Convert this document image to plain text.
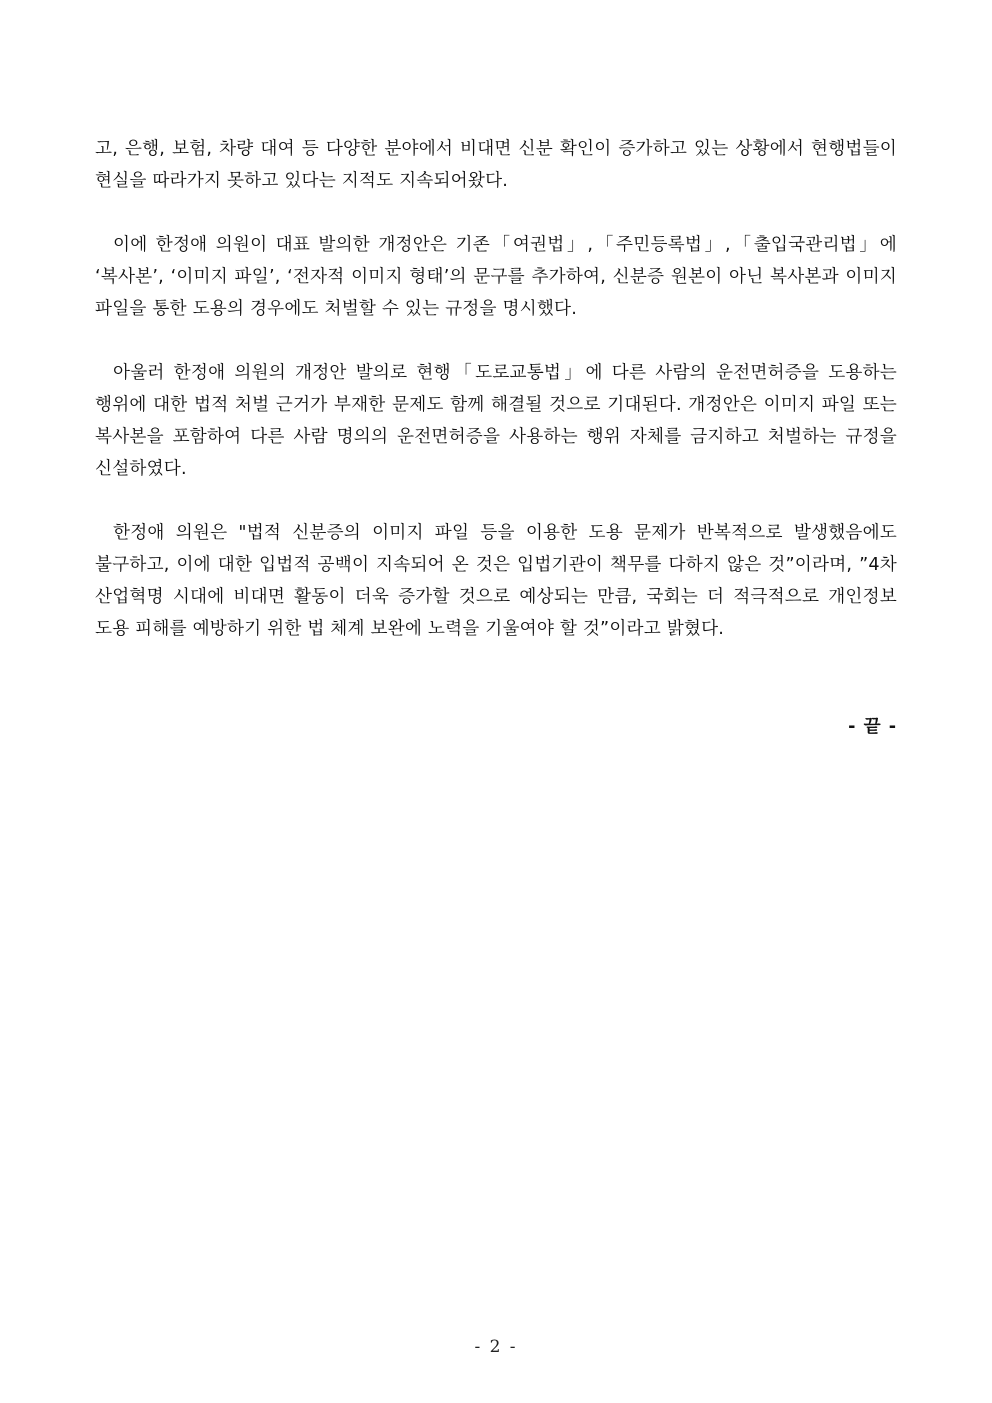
고, 은행, 보험, 차량 대여 등 다양한 분야에서 비대면 신분 확인이 증가하고 있는 상황에서 현행법들이 현실을 따라가지 못하고 있다는 지적도 지속되어왔다.

이에 한정애 의원이 대표 발의한 개정안은 기존「여권법」,「주민등록법」,「출입국관리법」에 ‘복사본’, ‘이미지 파일’, ‘전자적 이미지 형태’의 문구를 추가하여, 신분증 원본이 아닌 복사본과 이미지 파일을 통한 도용의 경우에도 처벌할 수 있는 규정을 명시했다.

아울러 한정애 의원의 개정안 발의로 현행「도로교통법」에 다른 사람의 운전면허증을 도용하는 행위에 대한 법적 처벌 근거가 부재한 문제도 함께 해결될 것으로 기대된다. 개정안은 이미지 파일 또는 복사본을 포함하여 다른 사람 명의의 운전면허증을 사용하는 행위 자체를 금지하고 처벌하는 규정을 신설하였다.

한정애 의원은 "법적 신분증의 이미지 파일 등을 이용한 도용 문제가 반복적으로 발생했음에도 불구하고, 이에 대한 입법적 공백이 지속되어 온 것은 입법기관이 책무를 다하지 않은 것”이라며, ”4차 산업혁명 시대에 비대면 활동이 더욱 증가할 것으로 예상되는 만큼, 국회는 더 적극적으로 개인정보 도용 피해를 예방하기 위한 법 체계 보완에 노력을 기울여야 할 것”이라고 밝혔다.

- 끝 -
- 2 -
